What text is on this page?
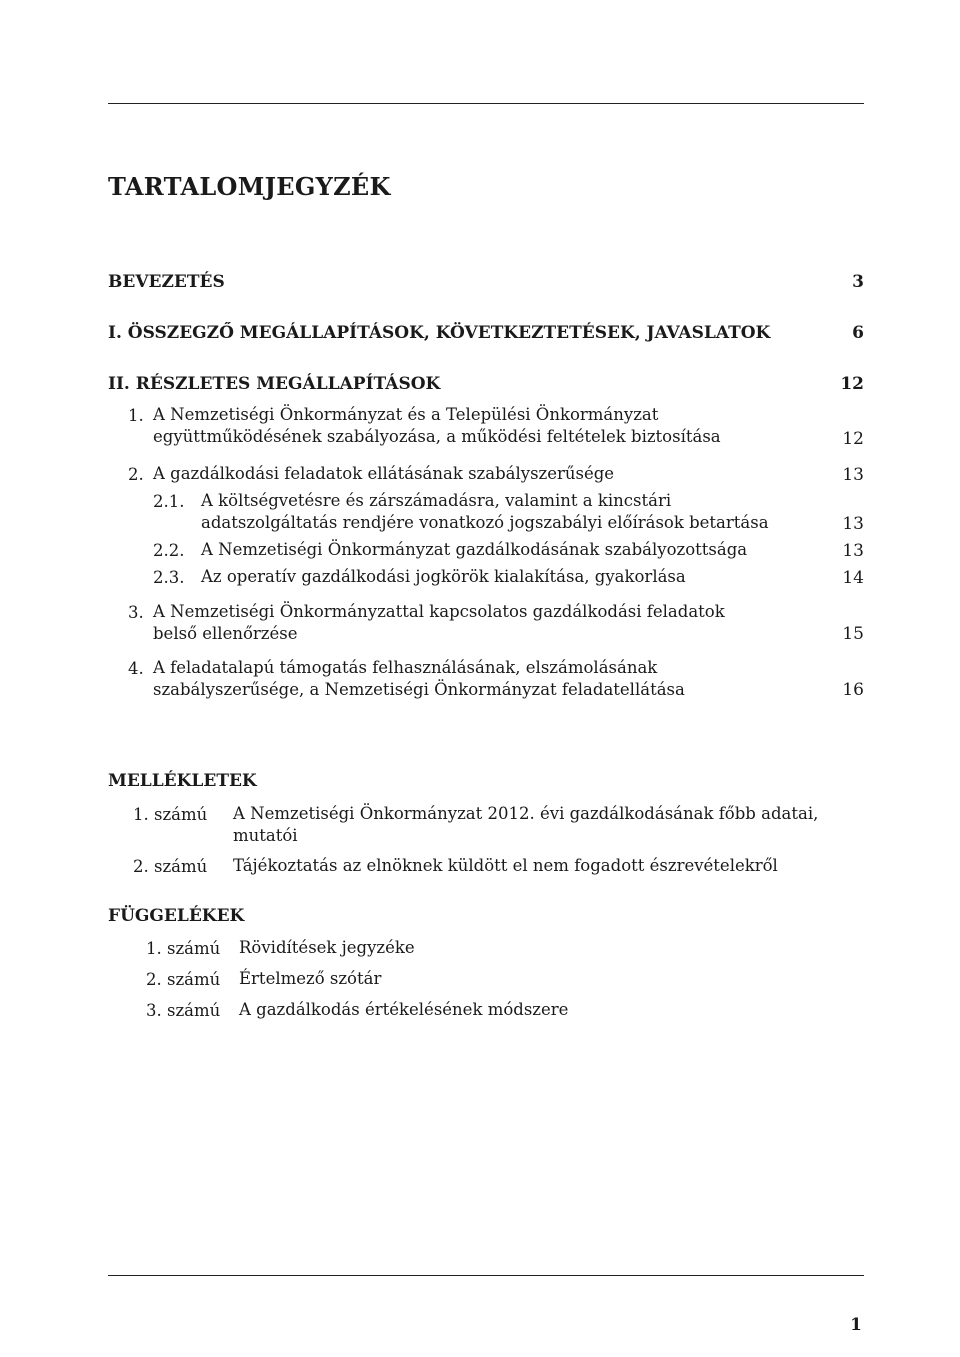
TARTALOMJEGYZÉK
BEVEZETÉS	3
I. ÖSSZEGZŐ MEGÁLLAPÍTÁSOK, KÖVETKEZTETÉSEK, JAVASLATOK	6
II. RÉSZLETES MEGÁLLAPÍTÁSOK	12
1. A Nemzetiségi Önkormányzat és a Települési Önkormányzat
együttműködésének szabályozása, a működési feltételek biztosítása	12
2. A gazdálkodási feladatok ellátásának szabályszerűsége	13
2.1. A költségvetésre és zárszámadásra, valamint a kincstári
adatszolgáltatás rendjére vonatkozó jogszabályi előírások betartása	13
2.2. A Nemzetiségi Önkormányzat gazdálkodásának szabályozottsága	13
2.3. Az operatív gazdálkodási jogkörök kialakítása, gyakorlása	14
3. A Nemzetiségi Önkormányzattal kapcsolatos gazdálkodási feladatok
belső ellenőrzése	15
4. A feladatalapú támogatás felhasználásának, elszámolásának
szabályszerűsége, a Nemzetiségi Önkormányzat feladatellátása	16
MELLÉKLETEK
1. számú A Nemzetiségi Önkormányzat 2012. évi gazdálkodásának főbb adatai,
mutatói
2. számú Tájékoztatás az elnöknek küldött el nem fogadott észrevételekről
FÜGGELÉKEK
1. számú Rövidítések jegyzéke
2. számú Értelmező szótár
3. számú A gazdálkodás értékelésének módszere
1
